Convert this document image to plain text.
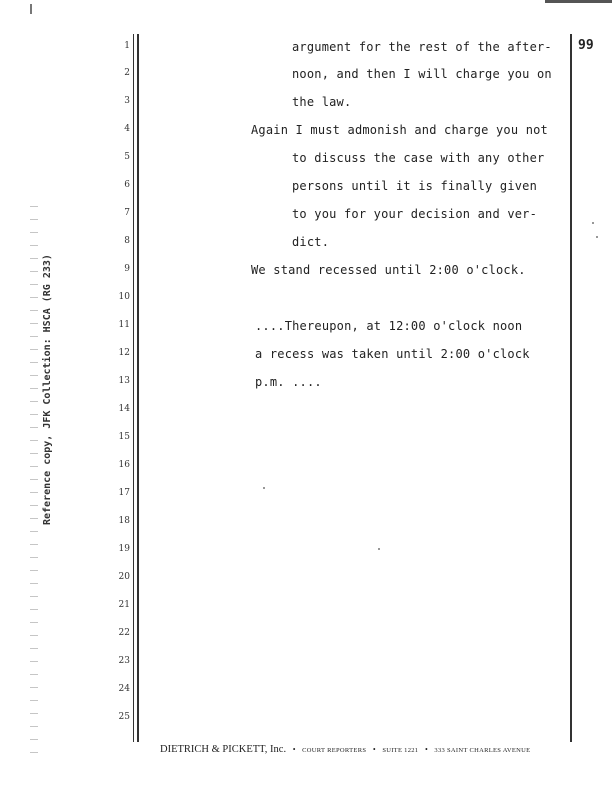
99
Reference copy, JFK Collection: HSCA (RG 233)
1
2
3
4
5
6
7
8
9
10
11
12
13
14
15
16
17
18
19
20
21
22
23
24
25
argument for the rest of the after-
noon, and then I will charge you on
the law.
Again I must admonish and charge you not
to discuss the case with any other
persons until it is finally given
to you for your decision and ver-
dict.
We stand recessed until 2:00 o'clock.
....Thereupon, at 12:00 o'clock noon
a recess was taken until 2:00 o'clock
p.m. ....
DIETRICH & PICKETT, Inc. • COURT REPORTERS • SUITE 1221 • 333 SAINT CHARLES AVENUE
